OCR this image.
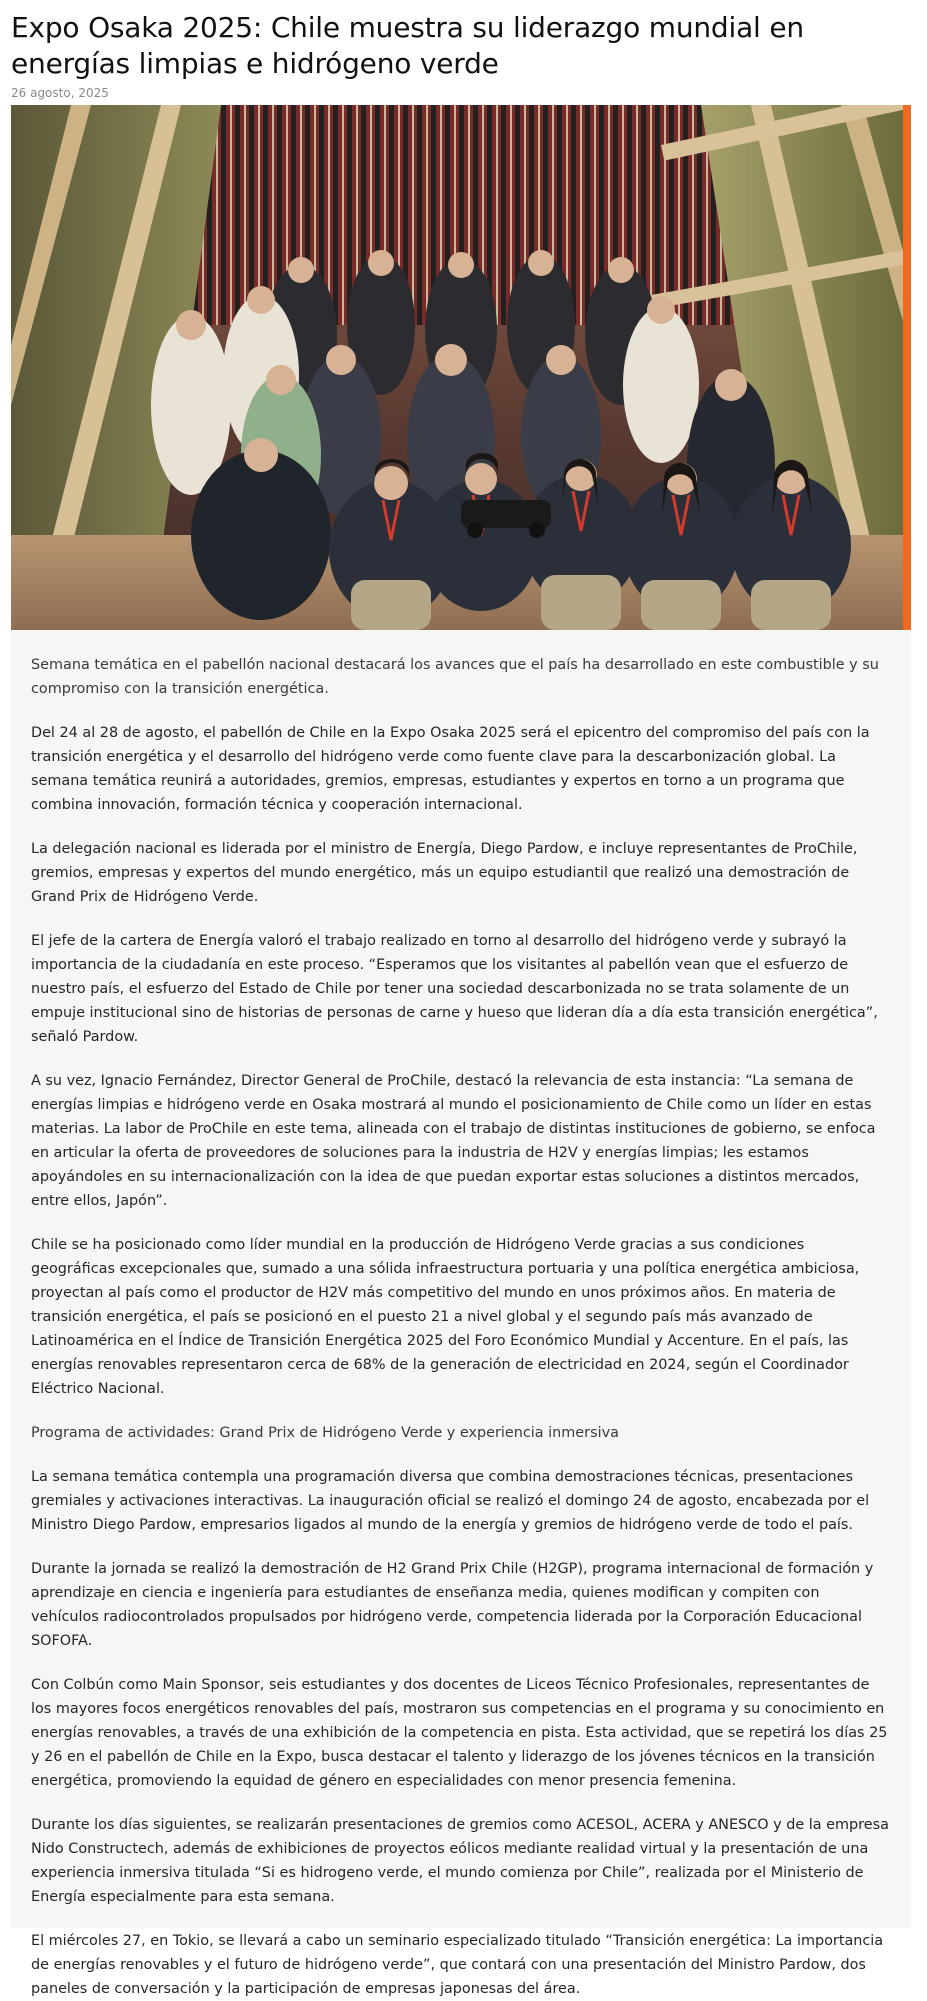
Expo Osaka 2025: Chile muestra su liderazgo mundial en energías limpias e hidrógeno verde
26 agosto, 2025

Semana temática en el pabellón nacional destacará los avances que el país ha desarrollado en este combustible y su compromiso con la transición energética.

Del 24 al 28 de agosto, el pabellón de Chile en la Expo Osaka 2025 será el epicentro del compromiso del país con la transición energética y el desarrollo del hidrógeno verde como fuente clave para la descarbonización global. La semana temática reunirá a autoridades, gremios, empresas, estudiantes y expertos en torno a un programa que combina innovación, formación técnica y cooperación internacional.

La delegación nacional es liderada por el ministro de Energía, Diego Pardow, e incluye representantes de ProChile, gremios, empresas y expertos del mundo energético, más un equipo estudiantil que realizó una demostración de Grand Prix de Hidrógeno Verde.

El jefe de la cartera de Energía valoró el trabajo realizado en torno al desarrollo del hidrógeno verde y subrayó la importancia de la ciudadanía en este proceso. “Esperamos que los visitantes al pabellón vean que el esfuerzo de nuestro país, el esfuerzo del Estado de Chile por tener una sociedad descarbonizada no se trata solamente de un empuje institucional sino de historias de personas de carne y hueso que lideran día a día esta transición energética”, señaló Pardow.

A su vez, Ignacio Fernández, Director General de ProChile, destacó la relevancia de esta instancia: “La semana de energías limpias e hidrógeno verde en Osaka mostrará al mundo el posicionamiento de Chile como un líder en estas materias. La labor de ProChile en este tema, alineada con el trabajo de distintas instituciones de gobierno, se enfoca en articular la oferta de proveedores de soluciones para la industria de H2V y energías limpias; les estamos apoyándoles en su internacionalización con la idea de que puedan exportar estas soluciones a distintos mercados, entre ellos, Japón”.

Chile se ha posicionado como líder mundial en la producción de Hidrógeno Verde gracias a sus condiciones geográficas excepcionales que, sumado a una sólida infraestructura portuaria y una política energética ambiciosa, proyectan al país como el productor de H2V más competitivo del mundo en unos próximos años. En materia de transición energética, el país se posicionó en el puesto 21 a nivel global y el segundo país más avanzado de Latinoamérica en el Índice de Transición Energética 2025 del Foro Económico Mundial y Accenture. En el país, las energías renovables representaron cerca de 68% de la generación de electricidad en 2024, según el Coordinador Eléctrico Nacional.

Programa de actividades: Grand Prix de Hidrógeno Verde y experiencia inmersiva

La semana temática contempla una programación diversa que combina demostraciones técnicas, presentaciones gremiales y activaciones interactivas. La inauguración oficial se realizó el domingo 24 de agosto, encabezada por el Ministro Diego Pardow, empresarios ligados al mundo de la energía y gremios de hidrógeno verde de todo el país.

Durante la jornada se realizó la demostración de H2 Grand Prix Chile (H2GP), programa internacional de formación y aprendizaje en ciencia e ingeniería para estudiantes de enseñanza media, quienes modifican y compiten con vehículos radiocontrolados propulsados por hidrógeno verde, competencia liderada por la Corporación Educacional SOFOFA.

Con Colbún como Main Sponsor, seis estudiantes y dos docentes de Liceos Técnico Profesionales, representantes de los mayores focos energéticos renovables del país, mostraron sus competencias en el programa y su conocimiento en energías renovables, a través de una exhibición de la competencia en pista. Esta actividad, que se repetirá los días 25 y 26 en el pabellón de Chile en la Expo, busca destacar el talento y liderazgo de los jóvenes técnicos en la transición energética, promoviendo la equidad de género en especialidades con menor presencia femenina.

Durante los días siguientes, se realizarán presentaciones de gremios como ACESOL, ACERA y ANESCO y de la empresa Nido Constructech, además de exhibiciones de proyectos eólicos mediante realidad virtual y la presentación de una experiencia inmersiva titulada “Si es hidrogeno verde, el mundo comienza por Chile”, realizada por el Ministerio de Energía especialmente para esta semana.

El miércoles 27, en Tokio, se llevará a cabo un seminario especializado titulado “Transición energética: La importancia de energías renovables y el futuro de hidrógeno verde”, que contará con una presentación del Ministro Pardow, dos paneles de conversación y la participación de empresas japonesas del área.
